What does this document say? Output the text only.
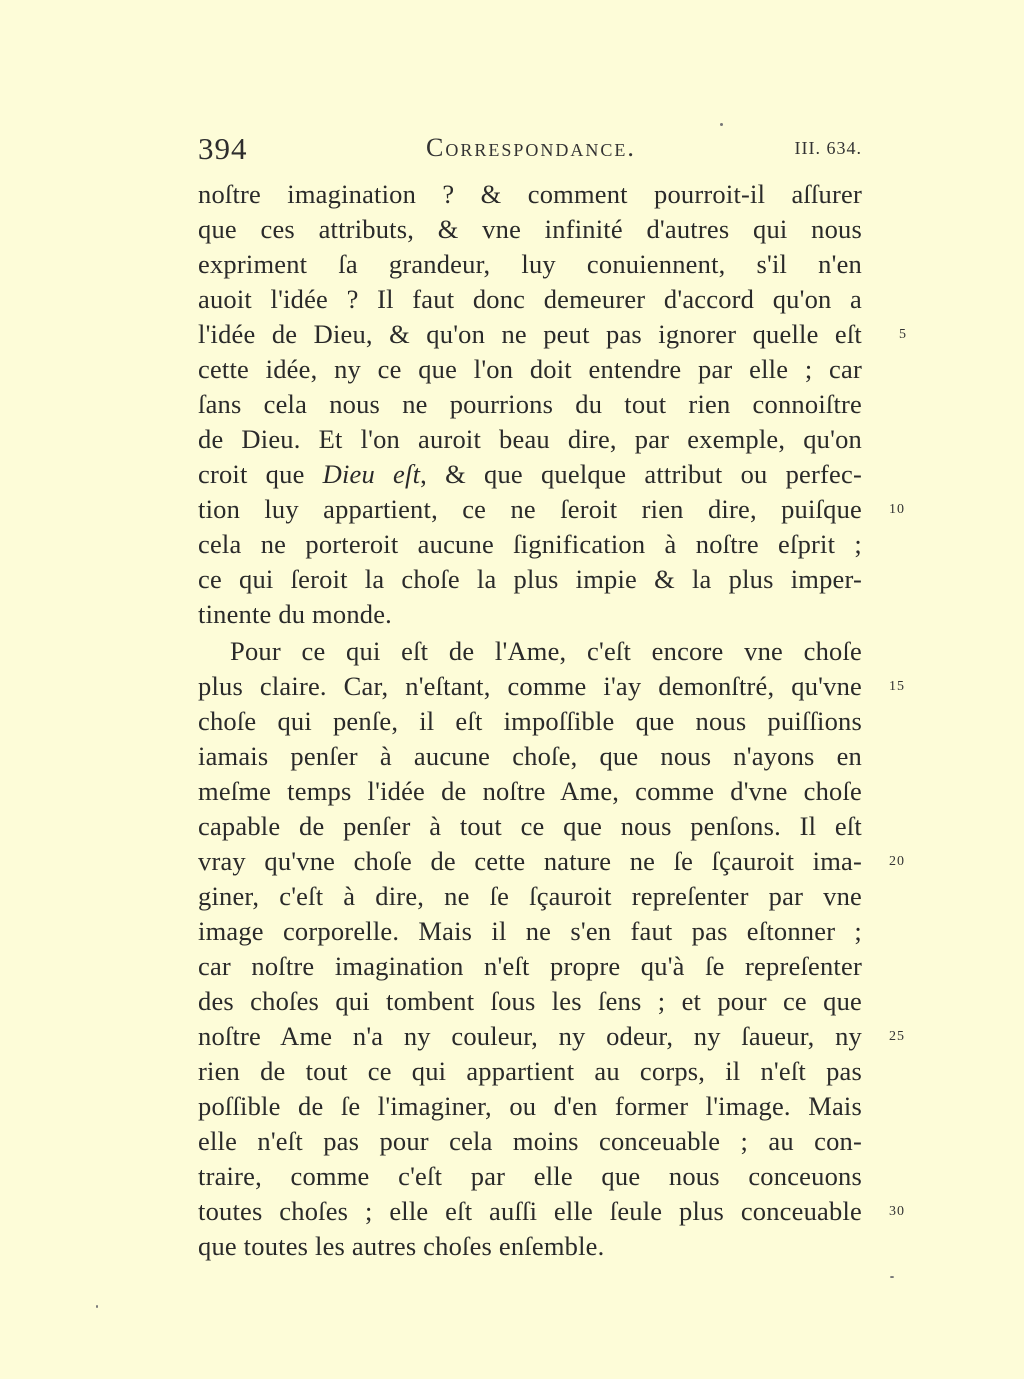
394	Correspondance.	III. 634.
noſtre imagination ? & comment pourroit-il aſſurer
que ces attributs, & vne infinité d'autres qui nous
expriment ſa grandeur, luy conuiennent, s'il n'en
auoit l'idée ? Il faut donc demeurer d'accord qu'on a
l'idée de Dieu, & qu'on ne peut pas ignorer quelle eſt
cette idée, ny ce que l'on doit entendre par elle ; car
ſans cela nous ne pourrions du tout rien connoiſtre
de Dieu. Et l'on auroit beau dire, par exemple, qu'on
croit que Dieu eſt, & que quelque attribut ou perfec-
tion luy appartient, ce ne ſeroit rien dire, puiſque
cela ne porteroit aucune ſignification à noſtre eſprit ;
ce qui ſeroit la choſe la plus impie & la plus imper-
tinente du monde.
Pour ce qui eſt de l'Ame, c'eſt encore vne choſe
plus claire. Car, n'eſtant, comme i'ay demonſtré, qu'vne
choſe qui penſe, il eſt impoſſible que nous puiſſions
iamais penſer à aucune choſe, que nous n'ayons en
meſme temps l'idée de noſtre Ame, comme d'vne choſe
capable de penſer à tout ce que nous penſons. Il eſt
vray qu'vne choſe de cette nature ne ſe ſçauroit ima-
giner, c'eſt à dire, ne ſe ſçauroit repreſenter par vne
image corporelle. Mais il ne s'en faut pas eſtonner ;
car noſtre imagination n'eſt propre qu'à ſe repreſenter
des choſes qui tombent ſous les ſens ; et pour ce que
noſtre Ame n'a ny couleur, ny odeur, ny ſaueur, ny
rien de tout ce qui appartient au corps, il n'eſt pas
poſſible de ſe l'imaginer, ou d'en former l'image. Mais
elle n'eſt pas pour cela moins conceuable ; au con-
traire, comme c'eſt par elle que nous conceuons
toutes choſes ; elle eſt auſſi elle ſeule plus conceuable
que toutes les autres choſes enſemble.
5
10
15
20
25
30
